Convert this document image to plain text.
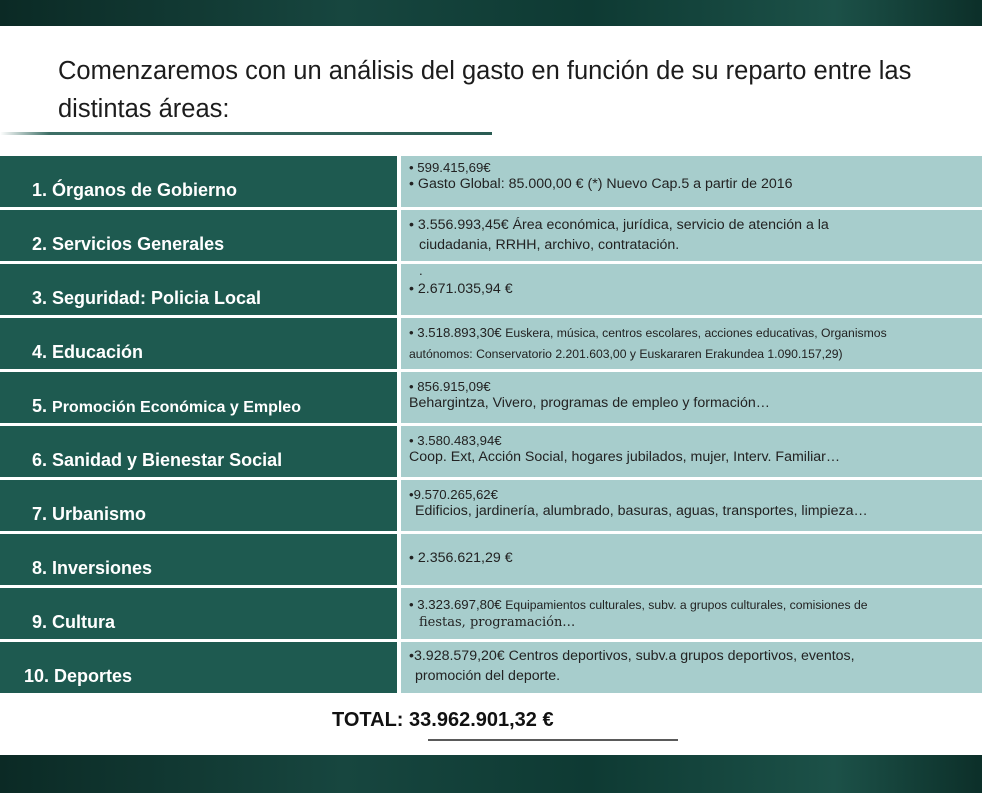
Comenzaremos con un análisis del gasto en función de su reparto entre las distintas áreas:
1. Órganos de Gobierno
• 599.415,69€
• Gasto Global: 85.000,00 € (*) Nuevo Cap.5 a partir de 2016
2. Servicios Generales
• 3.556.993,45€ Área económica, jurídica, servicio de atención a la
ciudadania, RRHH, archivo, contratación.
3. Seguridad: Policia Local
.
• 2.671.035,94 €
4. Educación
• 3.518.893,30€ Euskera, música, centros escolares, acciones educativas, Organismos
autónomos: Conservatorio 2.201.603,00 y Euskararen Erakundea 1.090.157,29)
5. Promoción Económica y Empleo
• 856.915,09€
Behargintza, Vivero, programas de empleo y formación…
6. Sanidad y Bienestar Social
• 3.580.483,94€
Coop. Ext, Acción Social, hogares jubilados, mujer, Interv. Familiar…
7. Urbanismo
•9.570.265,62€
Edificios, jardinería, alumbrado, basuras, aguas, transportes, limpieza…
8. Inversiones	• 2.356.621,29 €
9. Cultura
• 3.323.697,80€ Equipamientos culturales, subv. a grupos culturales, comisiones de
fiestas, programación…
10. Deportes
•3.928.579,20€ Centros deportivos, subv.a grupos deportivos, eventos,
promoción del deporte.
TOTAL: 33.962.901,32 €
